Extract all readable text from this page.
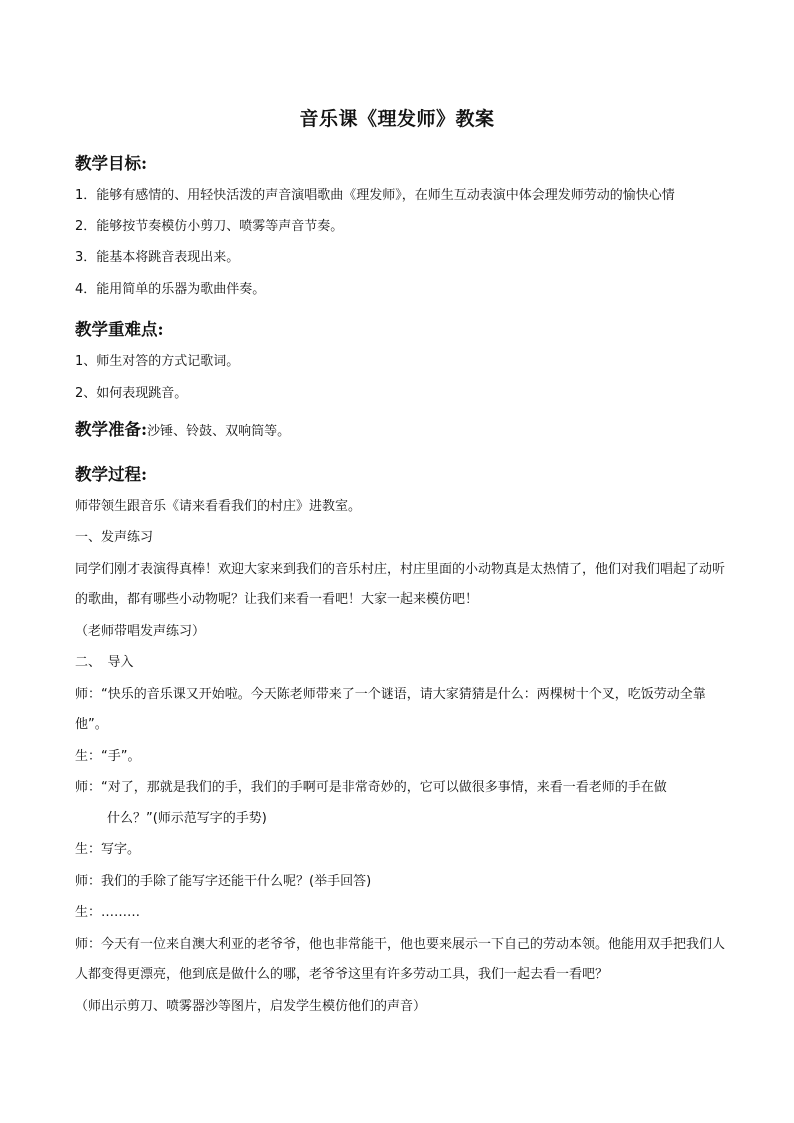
音乐课《理发师》教案
教学目标:
1．能够有感情的、用轻快活泼的声音演唱歌曲《理发师》，在师生互动表演中体会理发师劳动的愉快心情
2．能够按节奏模仿小剪刀、喷雾等声音节奏。
3．能基本将跳音表现出来。
4．能用简单的乐器为歌曲伴奏。
教学重难点:
1、师生对答的方式记歌词。
2、如何表现跳音。
教学准备:沙锤、铃鼓、双响筒等。
教学过程:
师带领生跟音乐《请来看看我们的村庄》进教室。
一、发声练习
同学们刚才表演得真棒！欢迎大家来到我们的音乐村庄，村庄里面的小动物真是太热情了，他们对我们唱起了动听的歌曲，都有哪些小动物呢？让我们来看一看吧！大家一起来模仿吧！
（老师带唱发声练习）
二、　导入
师：“快乐的音乐课又开始啦。今天陈老师带来了一个谜语，请大家猜猜是什么：两棵树十个叉，吃饭劳动全靠他”。
生：“手”。
师：“对了，那就是我们的手，我们的手啊可是非常奇妙的，它可以做很多事情，来看一看老师的手在做
什么？”(师示范写字的手势)
生：写字。
师：我们的手除了能写字还能干什么呢？(举手回答)
生：………
师：今天有一位来自澳大利亚的老爷爷，他也非常能干，他也要来展示一下自己的劳动本领。他能用双手把我们人人都变得更漂亮，他到底是做什么的哪，老爷爷这里有许多劳动工具，我们一起去看一看吧？
（师出示剪刀、喷雾器沙等图片，启发学生模仿他们的声音）
